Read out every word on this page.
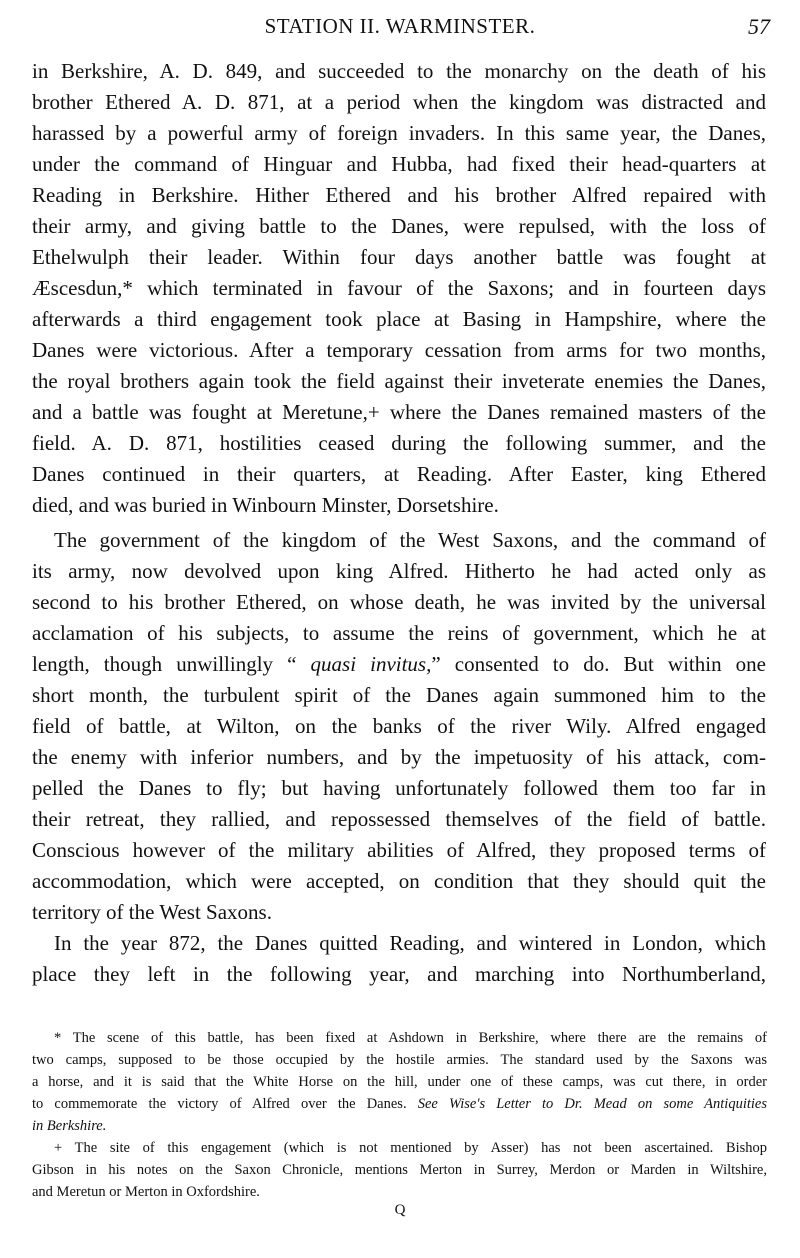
STATION II. WARMINSTER.	57
in Berkshire, A. D. 849, and succeeded to the monarchy on the death of his
brother Ethered A. D. 871, at a period when the kingdom was distracted and
harassed by a powerful army of foreign invaders. In this same year, the Danes,
under the command of Hinguar and Hubba, had fixed their head-quarters at
Reading in Berkshire. Hither Ethered and his brother Alfred repaired with
their army, and giving battle to the Danes, were repulsed, with the loss of
Ethelwulph their leader. Within four days another battle was fought at
Æscesdun,* which terminated in favour of the Saxons; and in fourteen days
afterwards a third engagement took place at Basing in Hampshire, where the
Danes were victorious. After a temporary cessation from arms for two months,
the royal brothers again took the field against their inveterate enemies the Danes,
and a battle was fought at Meretune,+ where the Danes remained masters of the
field. A. D. 871, hostilities ceased during the following summer, and the
Danes continued in their quarters, at Reading. After Easter, king Ethered
died, and was buried in Winbourn Minster, Dorsetshire.
The government of the kingdom of the West Saxons, and the command of
its army, now devolved upon king Alfred. Hitherto he had acted only as
second to his brother Ethered, on whose death, he was invited by the universal
acclamation of his subjects, to assume the reins of government, which he at
length, though unwillingly “ quasi invitus,” consented to do. But within one
short month, the turbulent spirit of the Danes again summoned him to the
field of battle, at Wilton, on the banks of the river Wily. Alfred engaged
the enemy with inferior numbers, and by the impetuosity of his attack, com-
pelled the Danes to fly; but having unfortunately followed them too far in
their retreat, they rallied, and repossessed themselves of the field of battle.
Conscious however of the military abilities of Alfred, they proposed terms of
accommodation, which were accepted, on condition that they should quit the
territory of the West Saxons.
In the year 872, the Danes quitted Reading, and wintered in London, which
place they left in the following year, and marching into Northumberland,
* The scene of this battle, has been fixed at Ashdown in Berkshire, where there are the remains of
two camps, supposed to be those occupied by the hostile armies. The standard used by the Saxons was
a horse, and it is said that the White Horse on the hill, under one of these camps, was cut there, in order
to commemorate the victory of Alfred over the Danes. See Wise's Letter to Dr. Mead on some Antiquities
in Berkshire.
+ The site of this engagement (which is not mentioned by Asser) has not been ascertained. Bishop
Gibson in his notes on the Saxon Chronicle, mentions Merton in Surrey, Merdon or Marden in Wiltshire,
and Meretun or Merton in Oxfordshire.
Q
